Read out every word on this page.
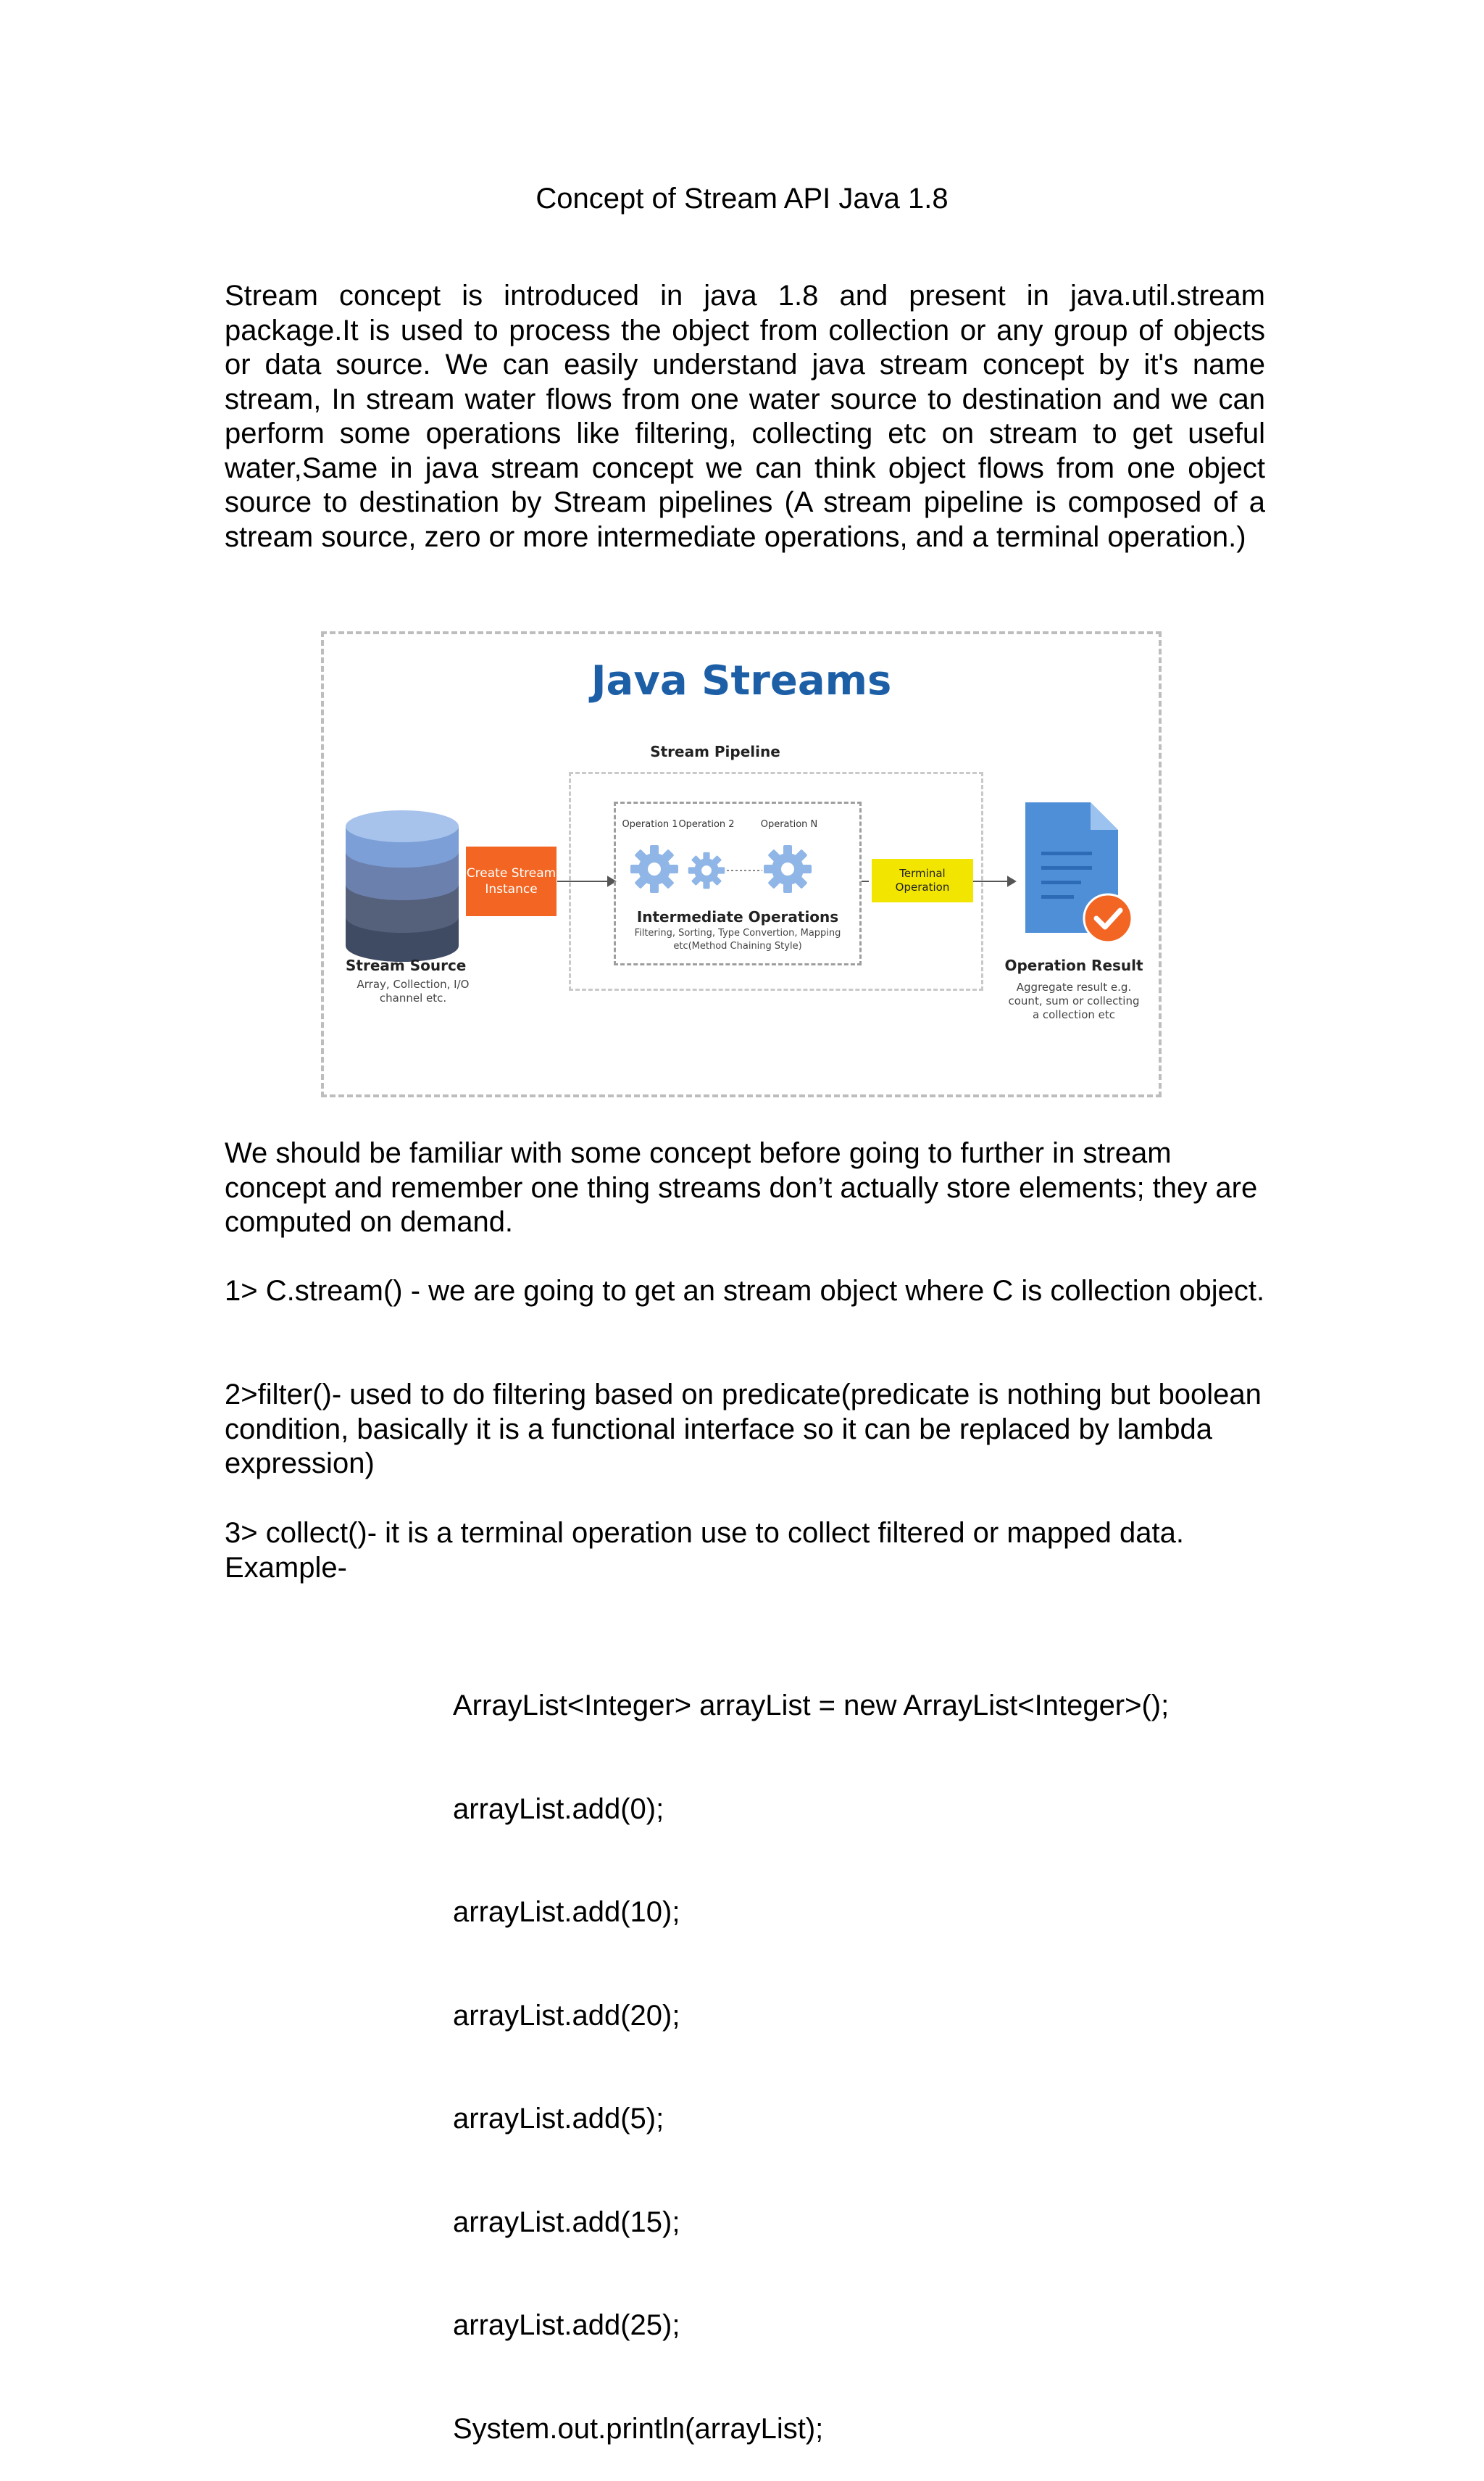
Concept of Stream API Java 1.8

Stream concept is introduced in java 1.8 and present in java.util.stream package.It is used to process the object from collection or any group of objects or data source. We can easily understand java stream concept by it's name stream, In stream water flows from one water source to destination and we can perform some operations like filtering, collecting etc on stream to get useful water,Same in java stream concept we can think object flows from one object source to destination by Stream pipelines (A stream pipeline is composed of a stream source, zero or more intermediate operations, and a terminal operation.)

Java Streams
Stream Pipeline
Operation 1 Operation 2	Operation N
Intermediate Operations
Filtering, Sorting, Type Convertion, Mapping etc(Method Chaining Style)
Create Stream Instance
Terminal Operation
Stream Source
Array, Collection, I/O channel etc.
Operation Result
Aggregate result e.g. count, sum or collecting a collection etc

We should be familiar with some concept before going to further in stream concept and remember one thing streams don’t actually store elements; they are computed on demand.

1> C.stream() - we are going to get an stream object where C is collection object.

2>filter()- used to do filtering based on predicate(predicate is nothing but boolean condition, basically it is a functional interface so it can be replaced by lambda expression)

3> collect()- it is a terminal operation use to collect filtered or mapped data.

Example-

ArrayList<Integer> arrayList = new ArrayList<Integer>();

arrayList.add(0);

arrayList.add(10);

arrayList.add(20);

arrayList.add(5);

arrayList.add(15);

arrayList.add(25);

System.out.println(arrayList);
